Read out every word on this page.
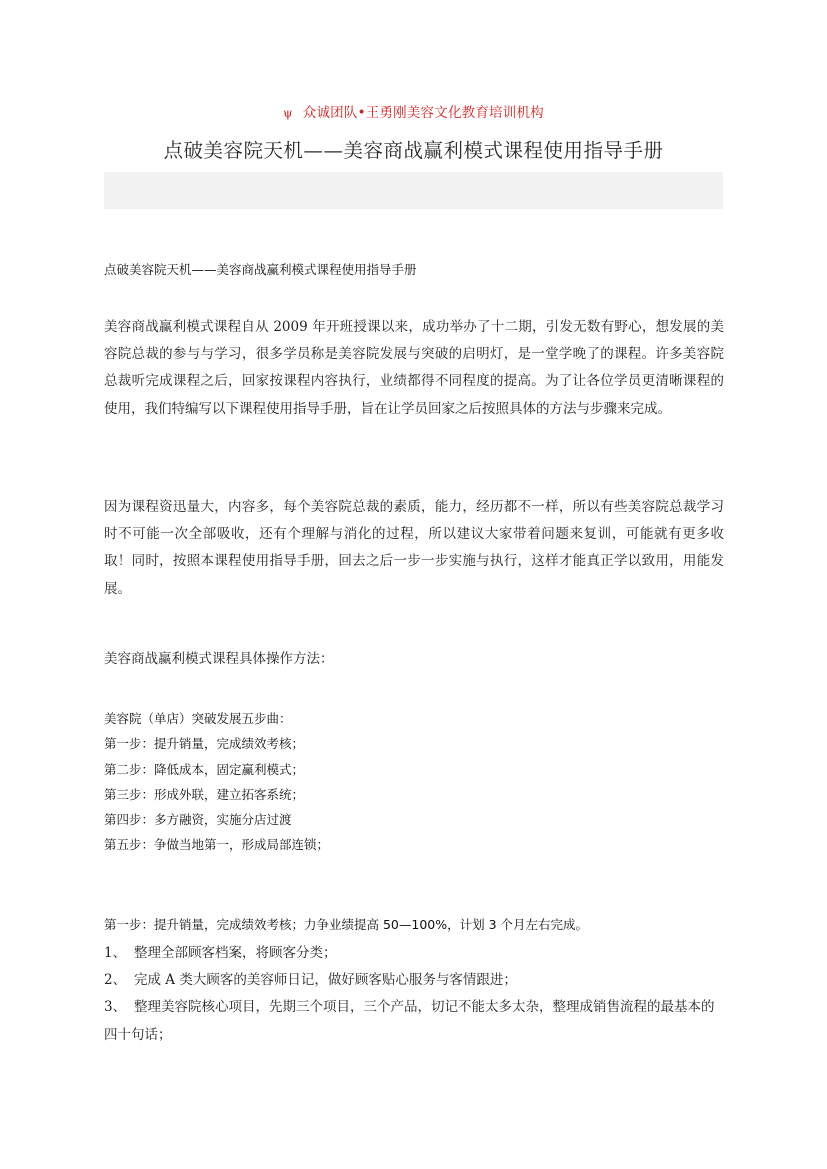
ψ 众诚团队•王勇刚美容文化教育培训机构
点破美容院天机——美容商战赢利模式课程使用指导手册
点破美容院天机——美容商战赢利模式课程使用指导手册
美容商战赢利模式课程自从 2009 年开班授课以来，成功举办了十二期，引发无数有野心，想发展的美容院总裁的参与与学习，很多学员称是美容院发展与突破的启明灯，是一堂学晚了的课程。许多美容院总裁听完成课程之后，回家按课程内容执行，业绩都得不同程度的提高。为了让各位学员更清晰课程的使用，我们特编写以下课程使用指导手册，旨在让学员回家之后按照具体的方法与步骤来完成。
因为课程资迅量大，内容多，每个美容院总裁的素质，能力，经历都不一样，所以有些美容院总裁学习时不可能一次全部吸收，还有个理解与消化的过程，所以建议大家带着问题来复训，可能就有更多收取！同时，按照本课程使用指导手册，回去之后一步一步实施与执行，这样才能真正学以致用，用能发展。
美容商战赢利模式课程具体操作方法：
美容院（单店）突破发展五步曲：
第一步：提升销量，完成绩效考核；
第二步：降低成本，固定赢利模式；
第三步：形成外联，建立拓客系统；
第四步：多方融资，实施分店过渡
第五步：争做当地第一，形成局部连锁；
第一步：提升销量，完成绩效考核；力争业绩提高 50—100%，计划 3 个月左右完成。
1、 整理全部顾客档案，将顾客分类；
2、 完成 A 类大顾客的美容师日记，做好顾客贴心服务与客情跟进；
3、 整理美容院核心项目，先期三个项目，三个产品，切记不能太多太杂，整理成销售流程的最基本的四十句话；
